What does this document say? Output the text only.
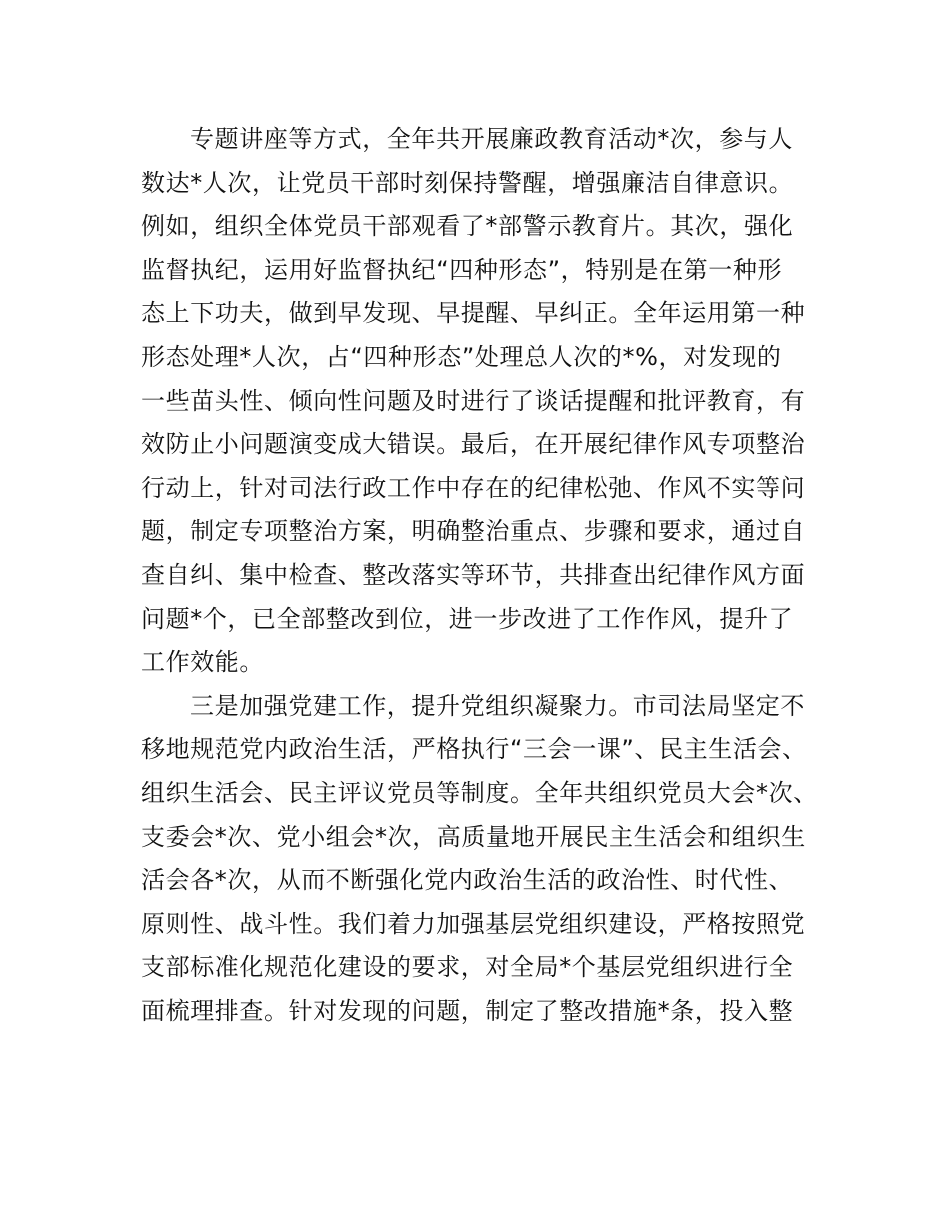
专题讲座等方式，全年共开展廉政教育活动*次，参与人
数达*人次，让党员干部时刻保持警醒，增强廉洁自律意识。
例如，组织全体党员干部观看了*部警示教育片。其次，强化
监督执纪，运用好监督执纪“四种形态”，特别是在第一种形
态上下功夫，做到早发现、早提醒、早纠正。全年运用第一种
形态处理*人次，占“四种形态”处理总人次的*%，对发现的
一些苗头性、倾向性问题及时进行了谈话提醒和批评教育，有
效防止小问题演变成大错误。最后，在开展纪律作风专项整治
行动上，针对司法行政工作中存在的纪律松弛、作风不实等问
题，制定专项整治方案，明确整治重点、步骤和要求，通过自
查自纠、集中检查、整改落实等环节，共排查出纪律作风方面
问题*个，已全部整改到位，进一步改进了工作作风，提升了
工作效能。
三是加强党建工作，提升党组织凝聚力。市司法局坚定不
移地规范党内政治生活，严格执行“三会一课”、民主生活会、
组织生活会、民主评议党员等制度。全年共组织党员大会*次、
支委会*次、党小组会*次，高质量地开展民主生活会和组织生
活会各*次，从而不断强化党内政治生活的政治性、时代性、
原则性、战斗性。我们着力加强基层党组织建设，严格按照党
支部标准化规范化建设的要求，对全局*个基层党组织进行全
面梳理排查。针对发现的问题，制定了整改措施*条，投入整
